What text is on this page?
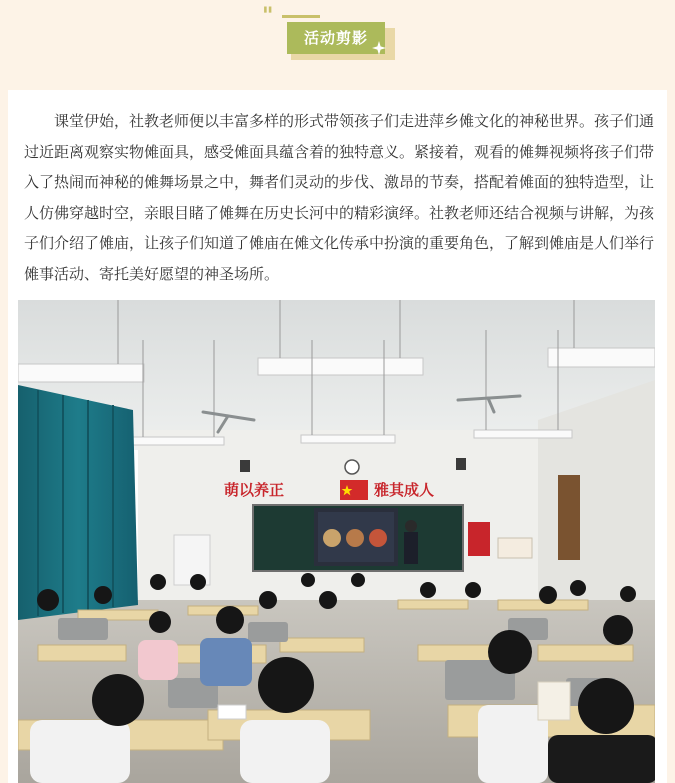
"
活动剪影

课堂伊始，社教老师便以丰富多样的形式带领孩子们走进萍乡傩文化的神秘世界。孩子们通过近距离观察实物傩面具，感受傩面具蕴含着的独特意义。紧接着，观看的傩舞视频将孩子们带入了热闹而神秘的傩舞场景之中，舞者们灵动的步伐、激昂的节奏，搭配着傩面的独特造型，让人仿佛穿越时空，亲眼目睹了傩舞在历史长河中的精彩演绎。社教老师还结合视频与讲解，为孩子们介绍了傩庙，让孩子们知道了傩庙在傩文化传承中扮演的重要角色，了解到傩庙是人们举行傩事活动、寄托美好愿望的神圣场所。

萌以养正	雅其成人
